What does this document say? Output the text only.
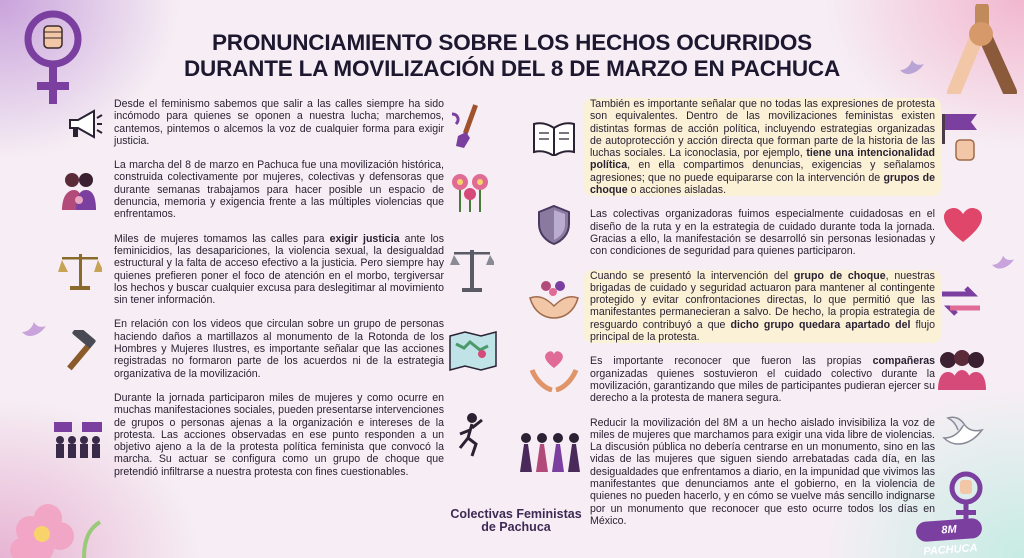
PRONUNCIAMIENTO SOBRE LOS HECHOS OCURRIDOS
DURANTE LA MOVILIZACIÓN DEL 8 DE MARZO EN PACHUCA

Desde el feminismo sabemos que salir a las calles siempre ha sido incómodo para quienes se oponen a nuestra lucha; marchemos, cantemos, pintemos o alcemos la voz de cualquier forma para exigir justicia.

La marcha del 8 de marzo en Pachuca fue una movilización histórica, construida colectivamente por mujeres, colectivas y defensoras que durante semanas trabajamos para hacer posible un espacio de denuncia, memoria y exigencia frente a las múltiples violencias que enfrentamos.

Miles de mujeres tomamos las calles para exigir justicia ante los feminicidios, las desapariciones, la violencia sexual, la desigualdad estructural y la falta de acceso efectivo a la justicia. Pero siempre hay quienes prefieren poner el foco de atención en el morbo, tergiversar los hechos y buscar cualquier excusa para deslegitimar al movimiento sin tener información.

En relación con los videos que circulan sobre un grupo de personas haciendo daños a martillazos al monumento de la Rotonda de los Hombres y Mujeres Ilustres, es importante señalar que las acciones registradas no formaron parte de los acuerdos ni de la estrategia organizativa de la movilización.

Durante la jornada participaron miles de mujeres y como ocurre en muchas manifestaciones sociales, pueden presentarse intervenciones de grupos o personas ajenas a la organización e intereses de la protesta. Las acciones observadas en ese punto responden a un objetivo ajeno a la de la protesta política feminista que convocó la marcha. Su actuar se configura como un grupo de choque que pretendió infiltrarse a nuestra protesta con fines cuestionables.

También es importante señalar que no todas las expresiones de protesta son equivalentes. Dentro de las movilizaciones feministas existen distintas formas de acción política, incluyendo estrategias organizadas de autoprotección y acción directa que forman parte de la historia de las luchas sociales. La iconoclasia, por ejemplo, tiene una intencionalidad política, en ella compartimos denuncias, exigencias y señalamos agresiones; que no puede equipararse con la intervención de grupos de choque o acciones aisladas.

Las colectivas organizadoras fuimos especialmente cuidadosas en el diseño de la ruta y en la estrategia de cuidado durante toda la jornada. Gracias a ello, la manifestación se desarrolló sin personas lesionadas y con condiciones de seguridad para quienes participaron.

Cuando se presentó la intervención del grupo de choque, nuestras brigadas de cuidado y seguridad actuaron para mantener al contingente protegido y evitar confrontaciones directas, lo que permitió que las manifestantes permanecieran a salvo. De hecho, la propia estrategia de resguardo contribuyó a que dicho grupo quedara apartado del flujo principal de la protesta.

Es importante reconocer que fueron las propias compañeras organizadas quienes sostuvieron el cuidado colectivo durante la movilización, garantizando que miles de participantes pudieran ejercer su derecho a la protesta de manera segura.

Reducir la movilización del 8M a un hecho aislado invisibiliza la voz de miles de mujeres que marchamos para exigir una vida libre de violencias. La discusión pública no debería centrarse en un monumento, sino en las vidas de las mujeres que siguen siendo arrebatadas cada día, en las desigualdades que enfrentamos a diario, en la impunidad que vivimos las manifestantes que denunciamos ante el gobierno, en la violencia de quienes no pueden hacerlo, y en cómo se vuelve más sencillo indignarse por un monumento que reconocer que esto ocurre todos los días en México.

Colectivas Feministas
de Pachuca	8M PACHUCA
